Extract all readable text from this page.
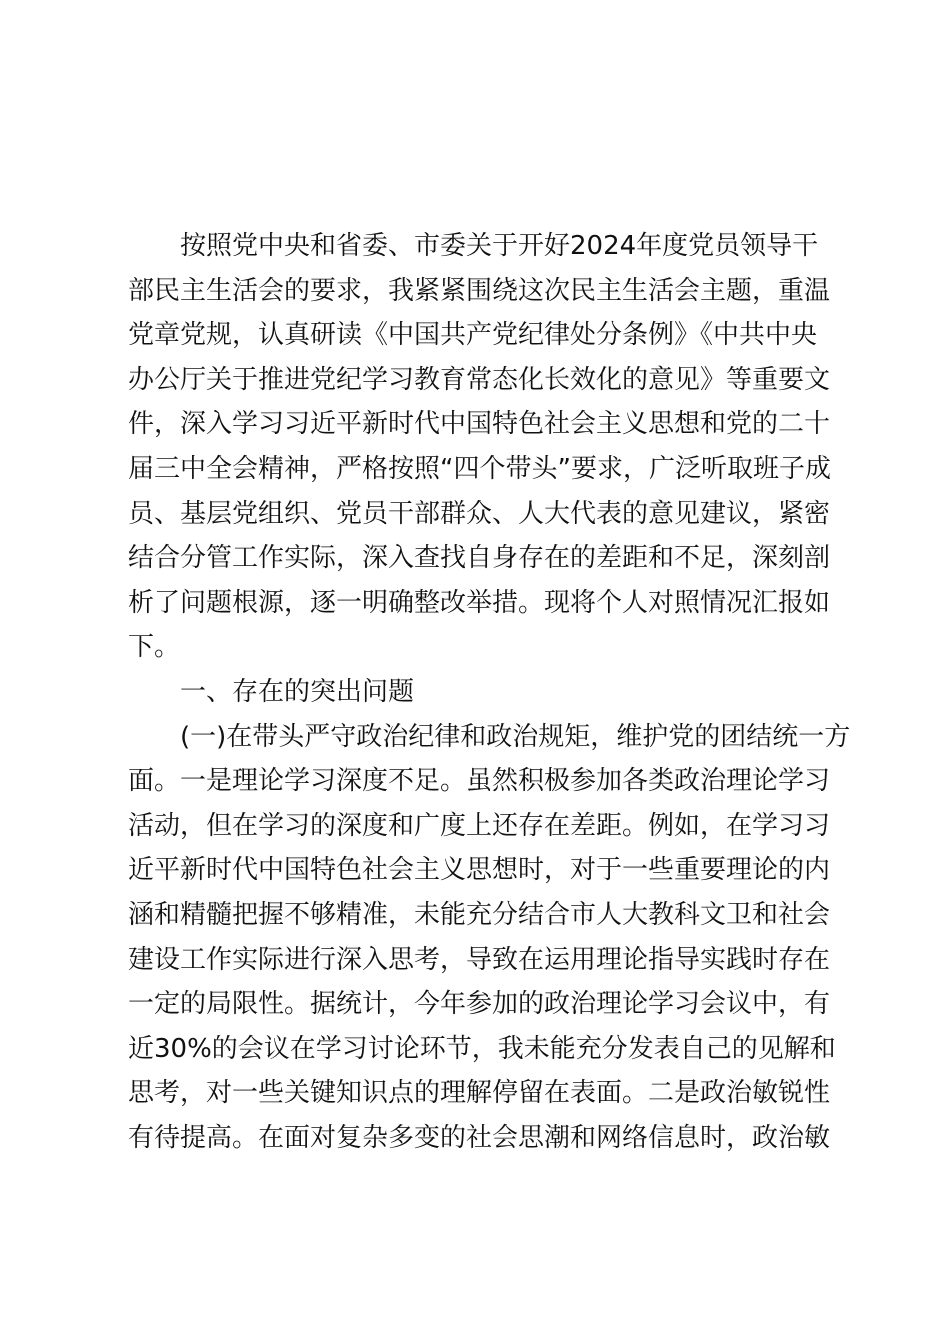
按照党中央和省委、市委关于开好2024年度党员领导干
部民主生活会的要求，我紧紧围绕这次民主生活会主题，重温
党章党规，认真研读《中国共产党纪律处分条例》《中共中央
办公厅关于推进党纪学习教育常态化长效化的意见》等重要文
件，深入学习习近平新时代中国特色社会主义思想和党的二十
届三中全会精神，严格按照“四个带头”要求，广泛听取班子成
员、基层党组织、党员干部群众、人大代表的意见建议，紧密
结合分管工作实际，深入查找自身存在的差距和不足，深刻剖
析了问题根源，逐一明确整改举措。现将个人对照情况汇报如
下。
一、存在的突出问题
(一)在带头严守政治纪律和政治规矩，维护党的团结统一方
面。一是理论学习深度不足。虽然积极参加各类政治理论学习
活动，但在学习的深度和广度上还存在差距。例如，在学习习
近平新时代中国特色社会主义思想时，对于一些重要理论的内
涵和精髓把握不够精准，未能充分结合市人大教科文卫和社会
建设工作实际进行深入思考，导致在运用理论指导实践时存在
一定的局限性。据统计，今年参加的政治理论学习会议中，有
近30%的会议在学习讨论环节，我未能充分发表自己的见解和
思考，对一些关键知识点的理解停留在表面。二是政治敏锐性
有待提高。在面对复杂多变的社会思潮和网络信息时，政治敏
